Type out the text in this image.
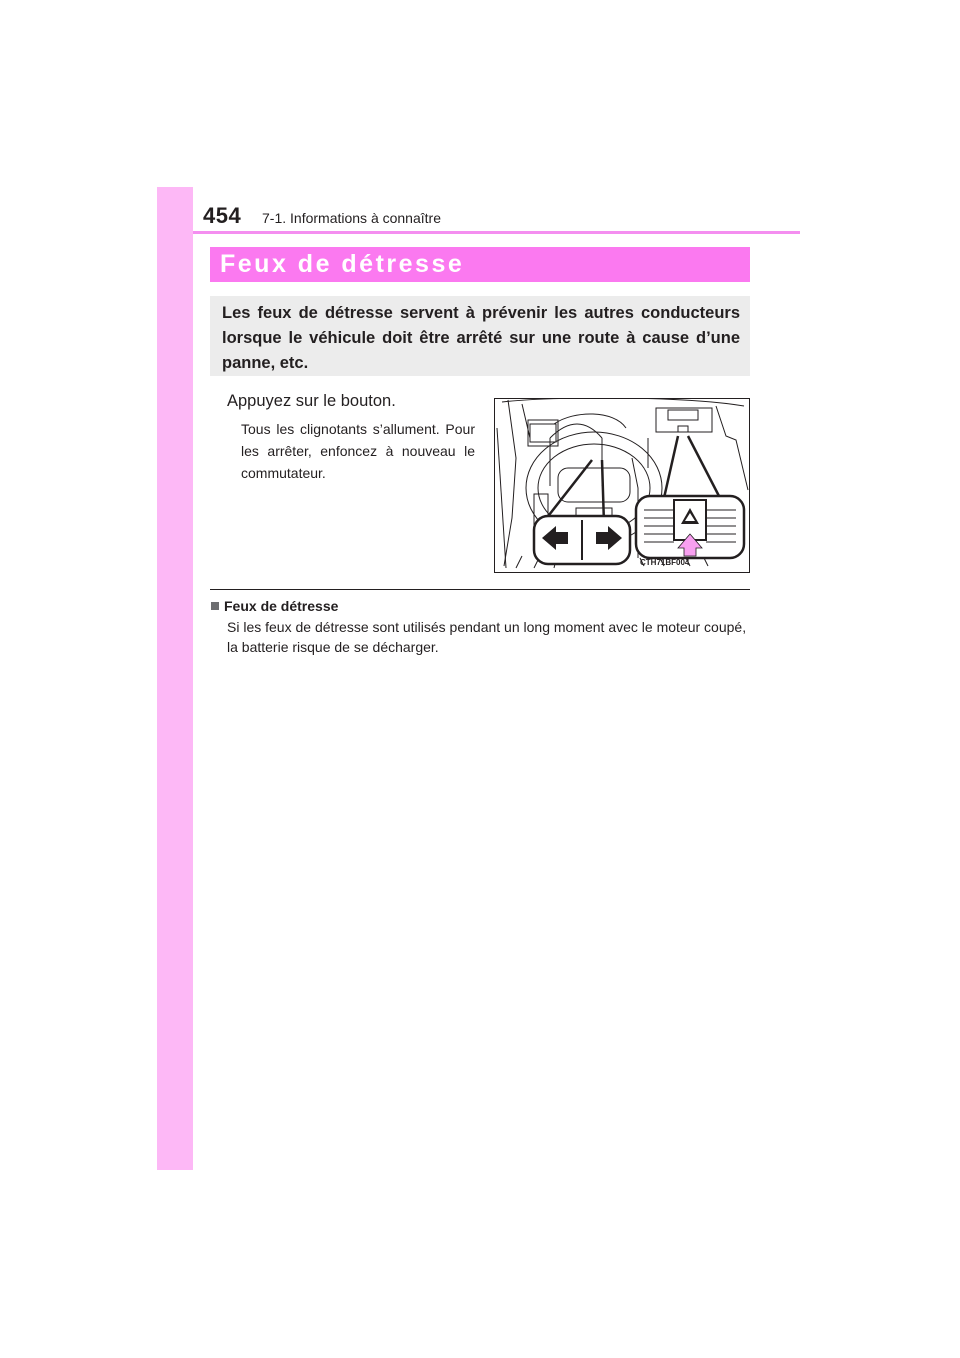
454 7-1. Informations à connaître
Feux de détresse

Les feux de détresse servent à prévenir les autres conducteurs lorsque le véhicule doit être arrêté sur une route à cause d’une panne, etc.

Appuyez sur le bouton.

Tous les clignotants s’allument. Pour les arrêter, enfoncez à nouveau le commutateur.

CTH71BF004
Feux de détresse

Si les feux de détresse sont utilisés pendant un long moment avec le moteur coupé, la batterie risque de se décharger.
